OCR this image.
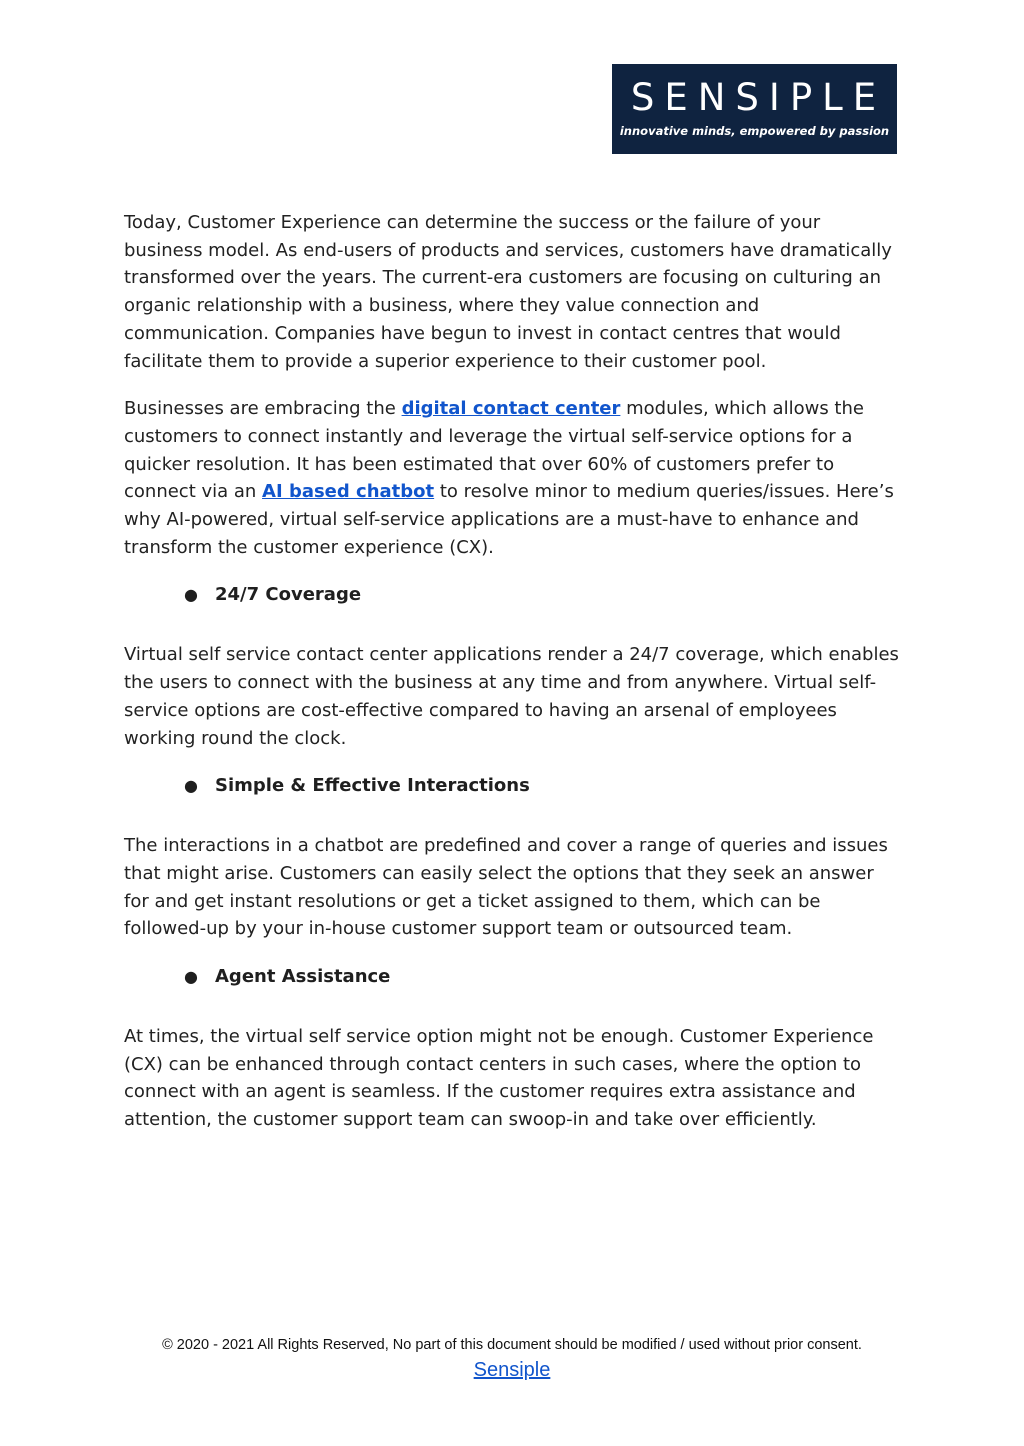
SENSIPLE
innovative minds, empowered by passion

Today, Customer Experience can determine the success or the failure of your business model. As end-users of products and services, customers have dramatically transformed over the years. The current-era customers are focusing on culturing an organic relationship with a business, where they value connection and communication. Companies have begun to invest in contact centres that would facilitate them to provide a superior experience to their customer pool.

Businesses are embracing the digital contact center modules, which allows the customers to connect instantly and leverage the virtual self-service options for a quicker resolution. It has been estimated that over 60% of customers prefer to connect via an AI based chatbot to resolve minor to medium queries/issues. Here’s why AI-powered, virtual self-service applications are a must-have to enhance and transform the customer experience (CX).

● 24/7 Coverage

Virtual self service contact center applications render a 24/7 coverage, which enables the users to connect with the business at any time and from anywhere. Virtual self-service options are cost-effective compared to having an arsenal of employees working round the clock.

● Simple & Effective Interactions

The interactions in a chatbot are predefined and cover a range of queries and issues that might arise. Customers can easily select the options that they seek an answer for and get instant resolutions or get a ticket assigned to them, which can be followed-up by your in-house customer support team or outsourced team.

● Agent Assistance

At times, the virtual self service option might not be enough. Customer Experience (CX) can be enhanced through contact centers in such cases, where the option to connect with an agent is seamless. If the customer requires extra assistance and attention, the customer support team can swoop-in and take over efficiently.

© 2020 - 2021 All Rights Reserved, No part of this document should be modified / used without prior consent.
Sensiple
